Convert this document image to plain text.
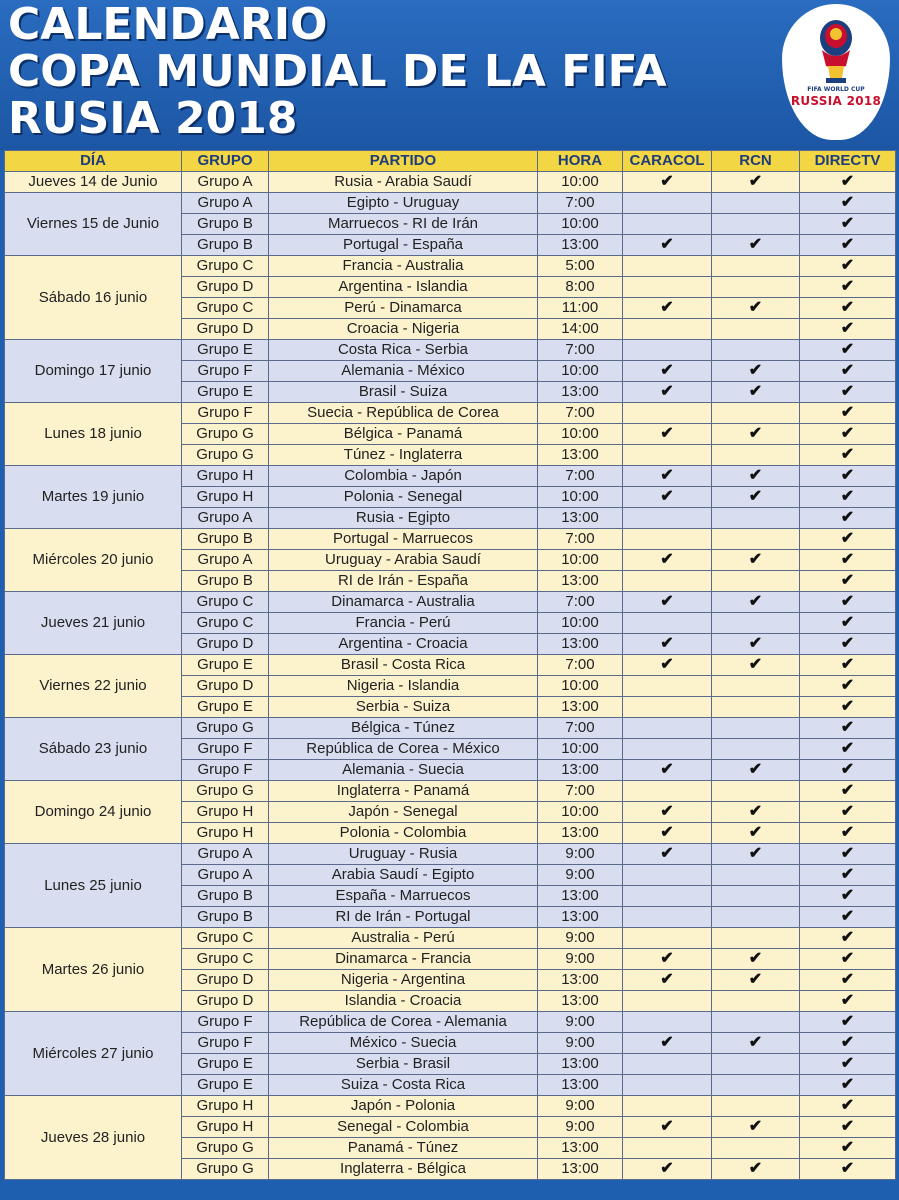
CALENDARIO
COPA MUNDIAL DE LA FIFA
RUSIA 2018
FIFA WORLD CUP
RUSSIA 2018
DÍA	GRUPO	PARTIDO	HORA	CARACOL	RCN	DIRECTV
Jueves 14 de Junio	Grupo A	Rusia - Arabia Saudí	10:00	✔	✔	✔
Viernes 15 de Junio	Grupo A	Egipto - Uruguay	7:00			✔
	Grupo B	Marruecos - RI de Irán	10:00			✔
	Grupo B	Portugal - España	13:00	✔	✔	✔
Sábado 16 junio	Grupo C	Francia - Australia	5:00			✔
	Grupo D	Argentina - Islandia	8:00			✔
	Grupo C	Perú - Dinamarca	11:00	✔	✔	✔
	Grupo D	Croacia - Nigeria	14:00			✔
Domingo 17 junio	Grupo E	Costa Rica - Serbia	7:00			✔
	Grupo F	Alemania - México	10:00	✔	✔	✔
	Grupo E	Brasil - Suiza	13:00	✔	✔	✔
Lunes 18 junio	Grupo F	Suecia - República de Corea	7:00			✔
	Grupo G	Bélgica - Panamá	10:00	✔	✔	✔
	Grupo G	Túnez - Inglaterra	13:00			✔
Martes 19 junio	Grupo H	Colombia - Japón	7:00	✔	✔	✔
	Grupo H	Polonia - Senegal	10:00	✔	✔	✔
	Grupo A	Rusia - Egipto	13:00			✔
Miércoles 20 junio	Grupo B	Portugal - Marruecos	7:00			✔
	Grupo A	Uruguay - Arabia Saudí	10:00	✔	✔	✔
	Grupo B	RI de Irán - España	13:00			✔
Jueves 21 junio	Grupo C	Dinamarca - Australia	7:00	✔	✔	✔
	Grupo C	Francia - Perú	10:00			✔
	Grupo D	Argentina - Croacia	13:00	✔	✔	✔
Viernes 22 junio	Grupo E	Brasil - Costa Rica	7:00	✔	✔	✔
	Grupo D	Nigeria - Islandia	10:00			✔
	Grupo E	Serbia - Suiza	13:00			✔
Sábado 23 junio	Grupo G	Bélgica - Túnez	7:00			✔
	Grupo F	República de Corea - México	10:00			✔
	Grupo F	Alemania - Suecia	13:00	✔	✔	✔
Domingo 24 junio	Grupo G	Inglaterra - Panamá	7:00			✔
	Grupo H	Japón - Senegal	10:00	✔	✔	✔
	Grupo H	Polonia - Colombia	13:00	✔	✔	✔
Lunes 25 junio	Grupo A	Uruguay - Rusia	9:00	✔	✔	✔
	Grupo A	Arabia Saudí - Egipto	9:00			✔
	Grupo B	España - Marruecos	13:00			✔
	Grupo B	RI de Irán - Portugal	13:00			✔
Martes 26 junio	Grupo C	Australia - Perú	9:00			✔
	Grupo C	Dinamarca - Francia	9:00	✔	✔	✔
	Grupo D	Nigeria - Argentina	13:00	✔	✔	✔
	Grupo D	Islandia - Croacia	13:00			✔
Miércoles 27 junio	Grupo F	República de Corea - Alemania	9:00			✔
	Grupo F	México - Suecia	9:00	✔	✔	✔
	Grupo E	Serbia - Brasil	13:00			✔
	Grupo E	Suiza - Costa Rica	13:00			✔
Jueves 28 junio	Grupo H	Japón - Polonia	9:00			✔
	Grupo H	Senegal - Colombia	9:00	✔	✔	✔
	Grupo G	Panamá - Túnez	13:00			✔
	Grupo G	Inglaterra - Bélgica	13:00	✔	✔	✔
